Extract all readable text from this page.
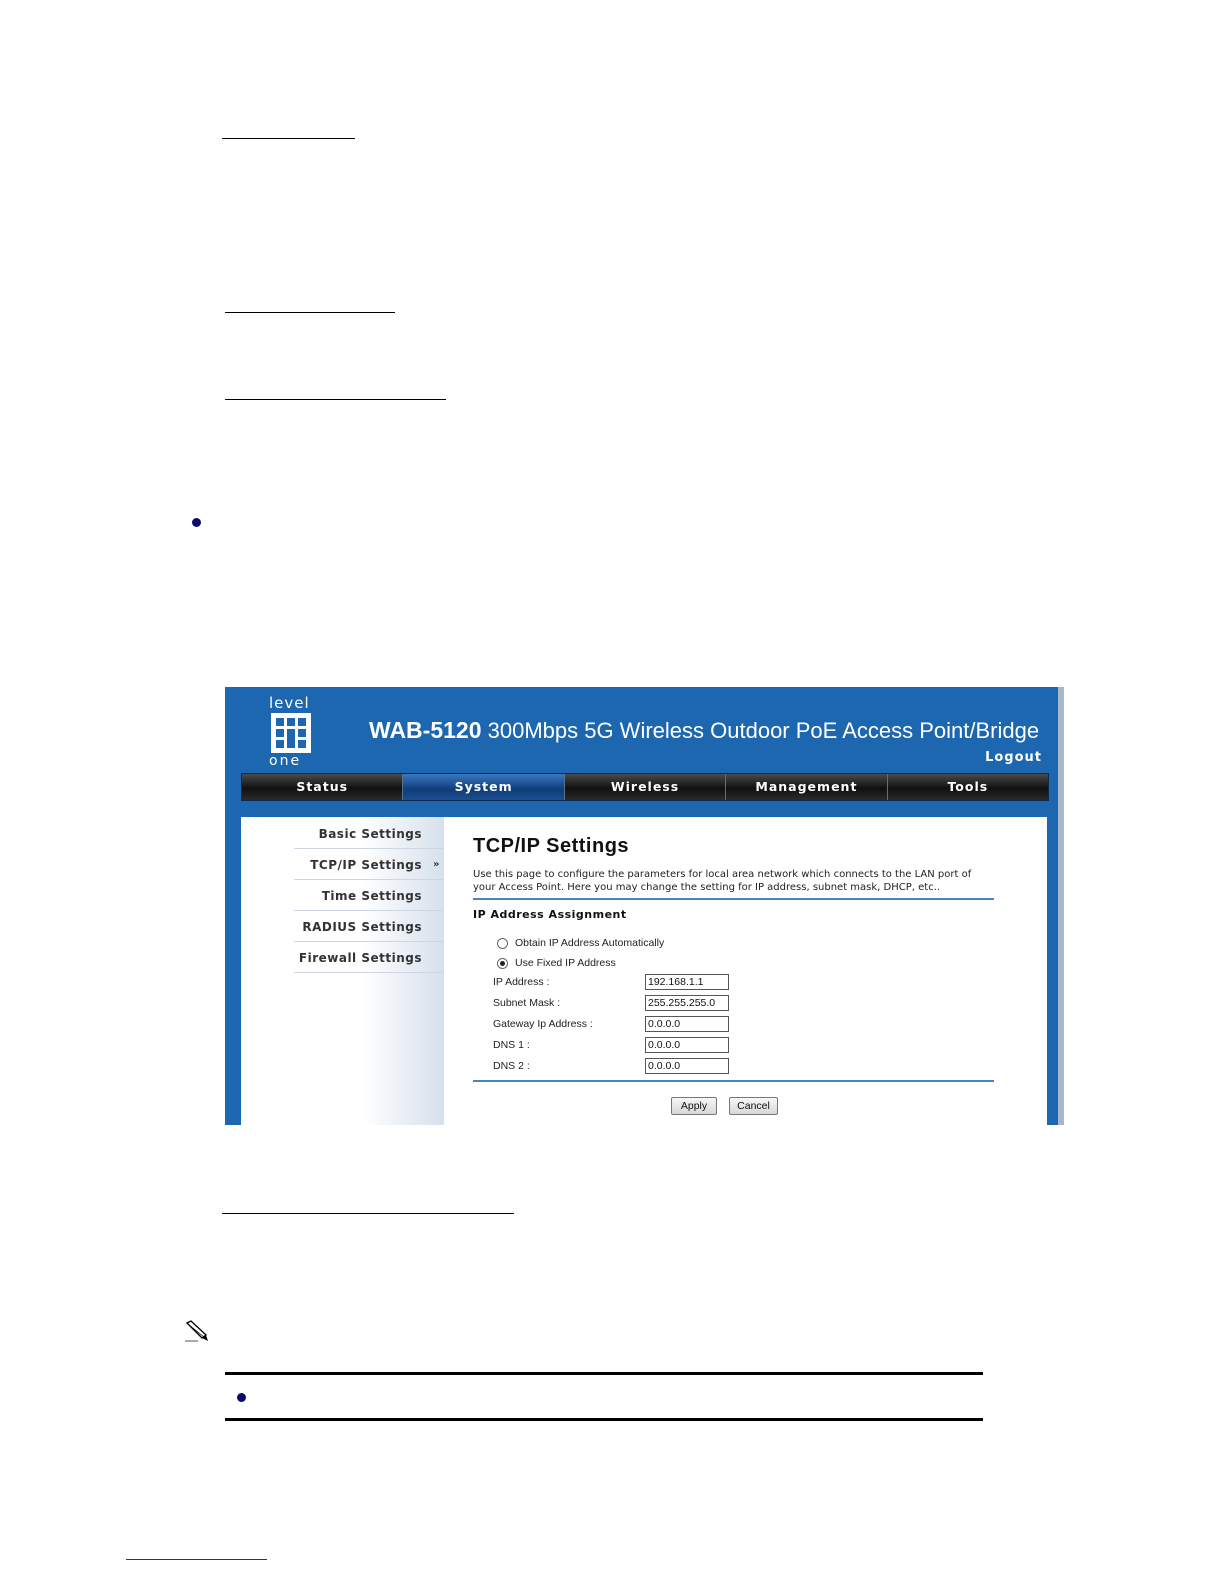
level
one
WAB-5120 300Mbps 5G Wireless Outdoor PoE Access Point/Bridge
Logout
Status	System	Wireless	Management	Tools
Basic Settings
TCP/IP Settings »
Time Settings
RADIUS Settings
Firewall Settings
TCP/IP Settings
Use this page to configure the parameters for local area network which connects to the LAN port of your Access Point. Here you may change the setting for IP address, subnet mask, DHCP, etc..
IP Address Assignment
Obtain IP Address Automatically
Use Fixed IP Address
IP Address :
192.168.1.1
Subnet Mask :
255.255.255.0
Gateway Ip Address :
0.0.0.0
DNS 1 :
0.0.0.0
DNS 2 :
0.0.0.0
Apply	Cancel
